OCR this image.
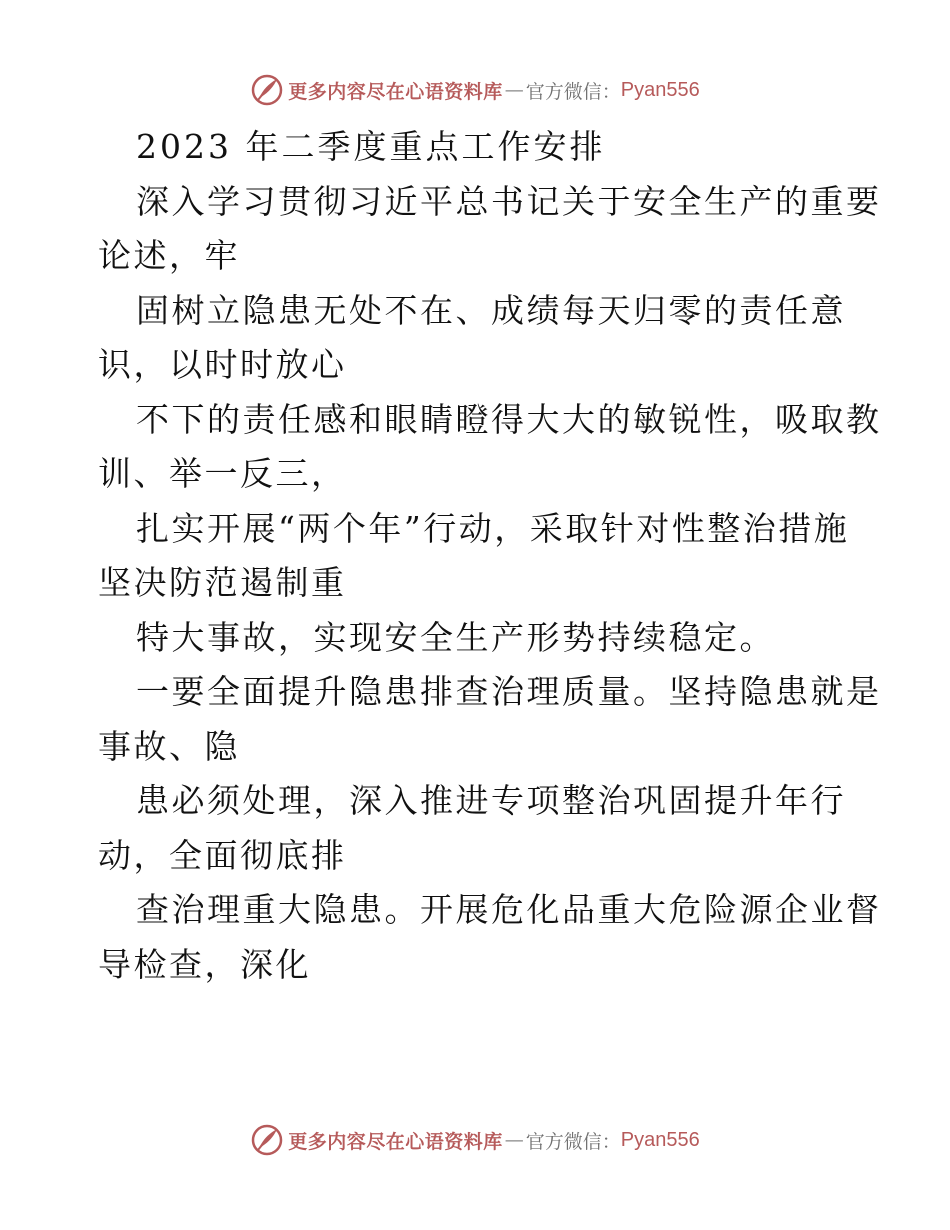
更多内容尽在心语资料库 — 官方微信： Pyan556

2023 年二季度重点工作安排

深入学习贯彻习近平总书记关于安全生产的重要

论述，牢

固树立隐患无处不在、成绩每天归零的责任意

识，以时时放心

不下的责任感和眼睛瞪得大大的敏锐性，吸取教

训、举一反三，

扎实开展“两个年”行动，采取针对性整治措施

坚决防范遏制重

特大事故，实现安全生产形势持续稳定。

一要全面提升隐患排查治理质量。坚持隐患就是

事故、隐

患必须处理，深入推进专项整治巩固提升年行

动，全面彻底排

查治理重大隐患。开展危化品重大危险源企业督

导检查，深化

更多内容尽在心语资料库 — 官方微信： Pyan556
